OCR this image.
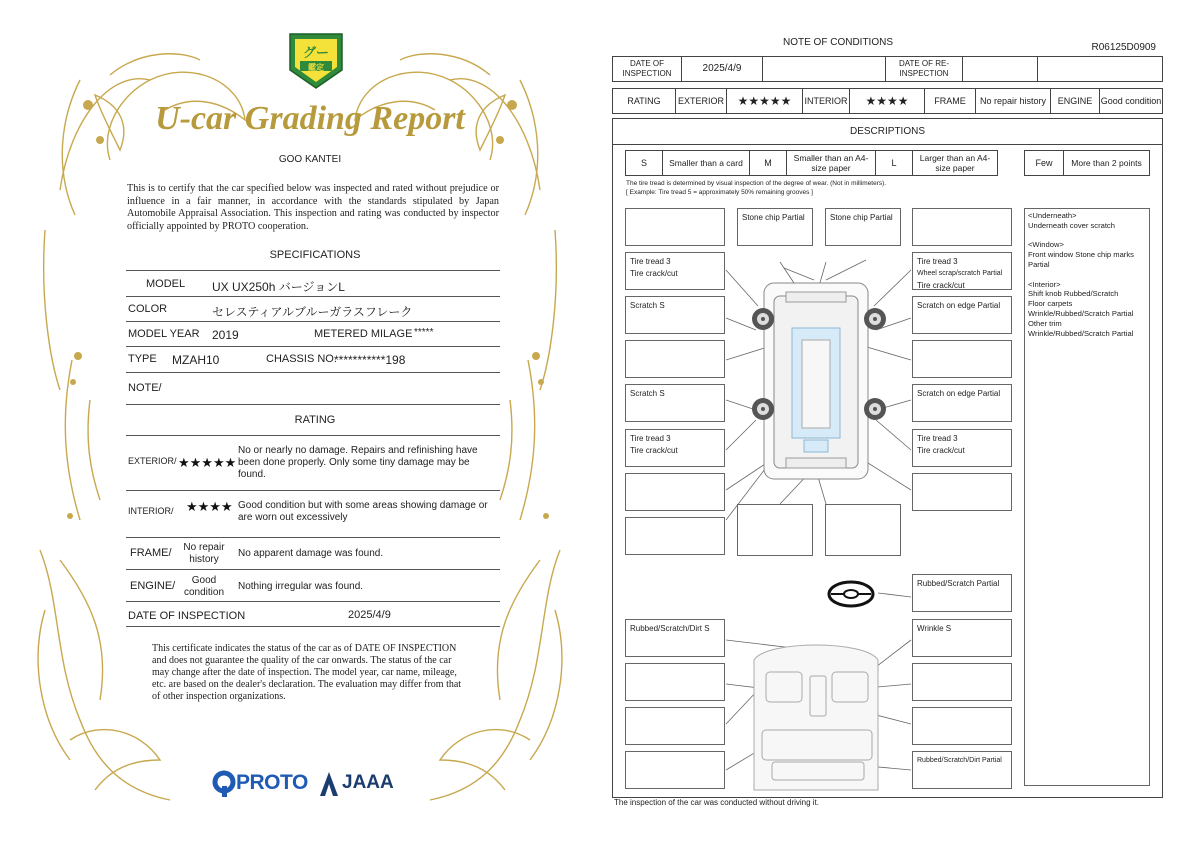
グー
鑑定
U-car Grading Report
GOO KANTEI
This is to certify that the car specified below was inspected and rated without prejudice or influence in a fair manner, in accordance with the standards stipulated by Japan Automobile Appraisal Association. This inspection and rating was conducted by inspector officially appointed by PROTO cooperation.
SPECIFICATIONS
MODEL UX UX250h バージョンL
COLOR	セレスティアルブルーガラスフレーク
MODEL YEAR 2019	METERED MILAGE *****
TYPE MZAH10	CHASSIS NO.
***********198
NOTE/
RATING
EXTERIOR/ ★★★★★
No or nearly no damage. Repairs and refinishing have been done properly. Only some tiny damage may be found.
INTERIOR/ ★★★★ Good condition but with some areas showing damage or are worn out excessively
FRAME/	No repair history
No apparent damage was found.
ENGINE/	Good condition
Nothing irregular was found.
DATE OF INSPECTION	2025/4/9
This certificate indicates the status of the car as of DATE OF INSPECTION and does not guarantee the quality of the car onwards. The status of the car may change after the date of inspection. The model year, car name, mileage, etc. are based on the dealer's declaration. The evaluation may differ from that of other inspection organizations.
PROTO JAAA
NOTE OF CONDITIONS	R06125D0909
DATE OF INSPECTION	2025/4/9	DATE OF RE-INSPECTION
RATING	EXTERIOR	★★★★★	INTERIOR	★★★★	FRAME	No repair history	ENGINE Good condition
DESCRIPTIONS
S	Smaller than a card	M	Smaller than an A4-size paper	L	Larger than an A4-size paper	Few	More than 2 points
The tire tread is determined by visual inspection of the degree of wear. (Not in millimeters).
[ Example: Tire tread 5 = approximately 50% remaining grooves ]
Tire tread 3
Tire crack/cut
Scratch S
Scratch S
Tire tread 3
Tire crack/cut
Rubbed/Scratch/Dirt S
Stone chip Partial	Stone chip Partial
Tire tread 3
Wheel scrap/scratch Partial
Tire crack/cut
Scratch on edge Partial
Scratch on edge Partial
Tire tread 3
Tire crack/cut
Rubbed/Scratch Partial
Wrinkle S
Rubbed/Scratch/Dirt Partial
<Underneath>
Underneath cover scratch
<Window>
Front window Stone chip marks Partial
<Interior>
Shift knob Rubbed/Scratch
Floor carpets
Wrinkle/Rubbed/Scratch Partial
Other trim
Wrinkle/Rubbed/Scratch Partial
The inspection of the car was conducted without driving it.
